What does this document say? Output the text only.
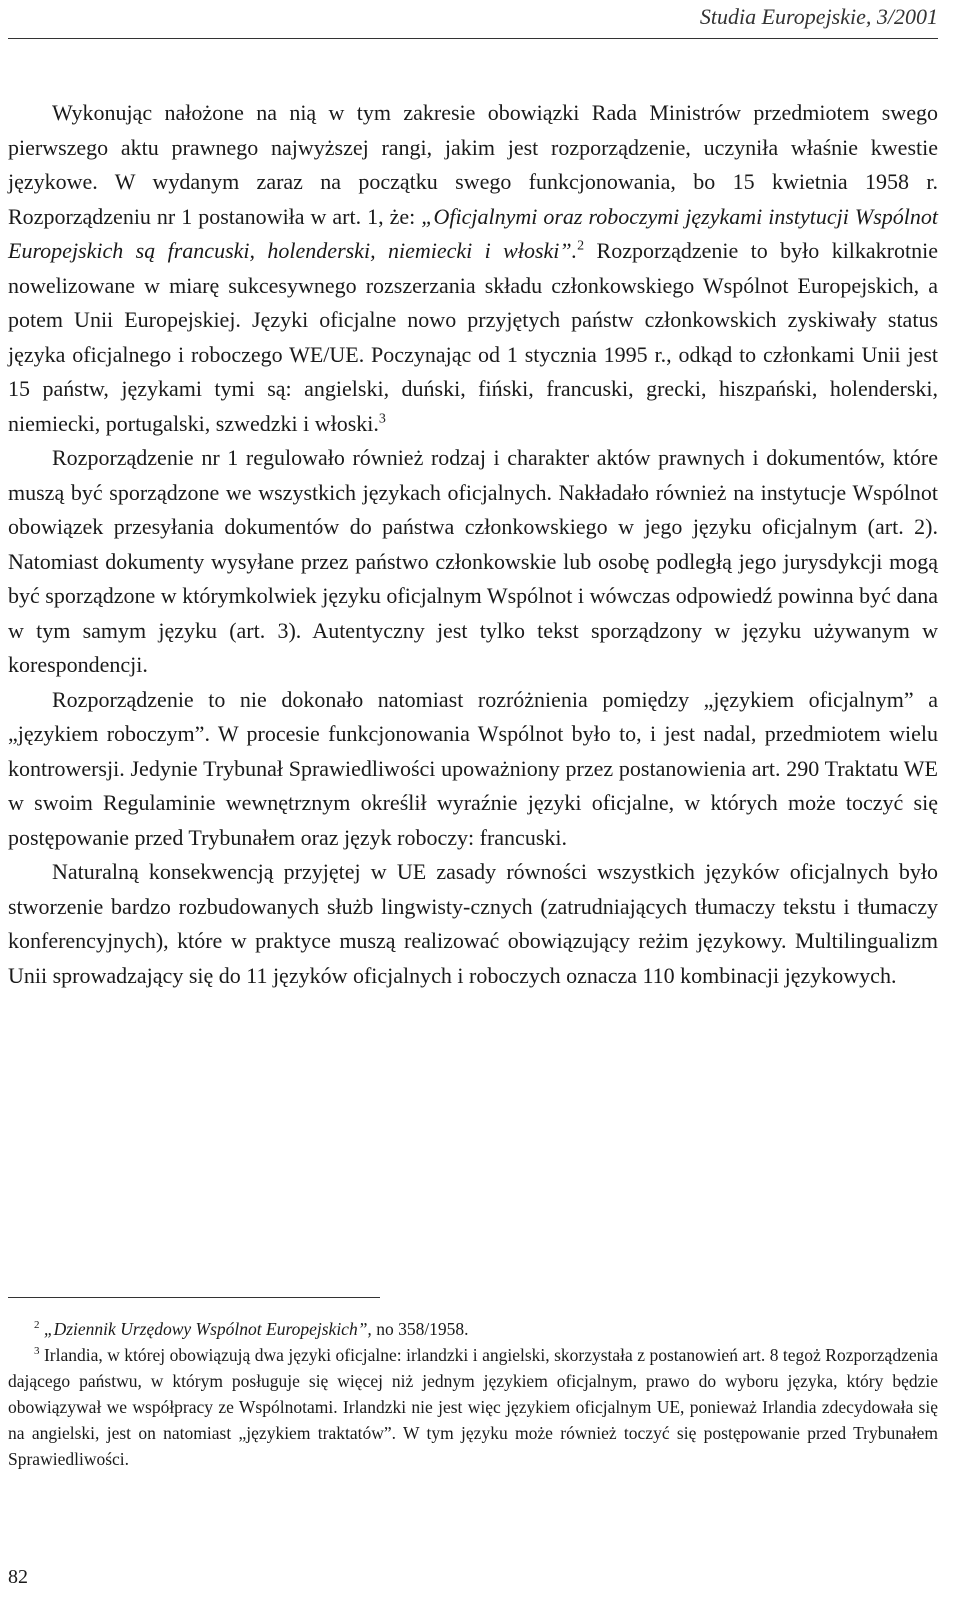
Studia Europejskie, 3/2001

Wykonując nałożone na nią w tym zakresie obowiązki Rada Ministrów przedmiotem swego pierwszego aktu prawnego najwyższej rangi, jakim jest rozporządzenie, uczyniła właśnie kwestie językowe. W wydanym zaraz na początku swego funkcjonowania, bo 15 kwietnia 1958 r. Rozporządzeniu nr 1 postanowiła w art. 1, że: „Oficjalnymi oraz roboczymi językami instytucji Wspólnot Europejskich są francuski, holenderski, niemiecki i włoski”.$^2$ Rozporządzenie to było kilkakrotnie nowelizowane w miarę sukcesywnego rozszerzania składu członkowskiego Wspólnot Europejskich, a potem Unii Europejskiej. Języki oficjalne nowo przyjętych państw członkowskich zyskiwały status języka oficjalnego i roboczego WE/UE. Poczynając od 1 stycznia 1995 r., odkąd to członkami Unii jest 15 państw, językami tymi są: angielski, duński, fiński, francuski, grecki, hiszpański, holenderski, niemiecki, portugalski, szwedzki i włoski.$^3$

Rozporządzenie nr 1 regulowało również rodzaj i charakter aktów prawnych i dokumentów, które muszą być sporządzone we wszystkich językach oficjalnych. Nakładało również na instytucje Wspólnot obowiązek przesyłania dokumentów do państwa członkowskiego w jego języku oficjalnym (art. 2). Natomiast dokumenty wysyłane przez państwo członkowskie lub osobę podległą jego jurysdykcji mogą być sporządzone w którymkolwiek języku oficjalnym Wspólnot i wówczas odpowiedź powinna być dana w tym samym języku (art. 3). Autentyczny jest tylko tekst sporządzony w języku używanym w korespondencji.

Rozporządzenie to nie dokonało natomiast rozróżnienia pomiędzy „językiem oficjalnym” a „językiem roboczym”. W procesie funkcjonowania Wspólnot było to, i jest nadal, przedmiotem wielu kontrowersji. Jedynie Trybunał Sprawiedliwości upoważniony przez postanowienia art. 290 Traktatu WE w swoim Regulaminie wewnętrznym określił wyraźnie języki oficjalne, w których może toczyć się postępowanie przed Trybunałem oraz język roboczy: francuski.

Naturalną konsekwencją przyjętej w UE zasady równości wszystkich języków oficjalnych było stworzenie bardzo rozbudowanych służb lingwisty-cznych (zatrudniających tłumaczy tekstu i tłumaczy konferencyjnych), które w praktyce muszą realizować obowiązujący reżim językowy. Multilingualizm Unii sprowadzający się do 11 języków oficjalnych i roboczych oznacza 110 kombinacji językowych.

$^2$ „Dziennik Urzędowy Wspólnot Europejskich”, no 358/1958.

$^3$ Irlandia, w której obowiązują dwa języki oficjalne: irlandzki i angielski, skorzystała z postanowień art. 8 tegoż Rozporządzenia dającego państwu, w którym posługuje się więcej niż jednym językiem oficjalnym, prawo do wyboru języka, który będzie obowiązywał we współpracy ze Wspólnotami. Irlandzki nie jest więc językiem oficjalnym UE, ponieważ Irlandia zdecydowała się na angielski, jest on natomiast „językiem traktatów”. W tym języku może również toczyć się postępowanie przed Trybunałem Sprawiedliwości.

82
